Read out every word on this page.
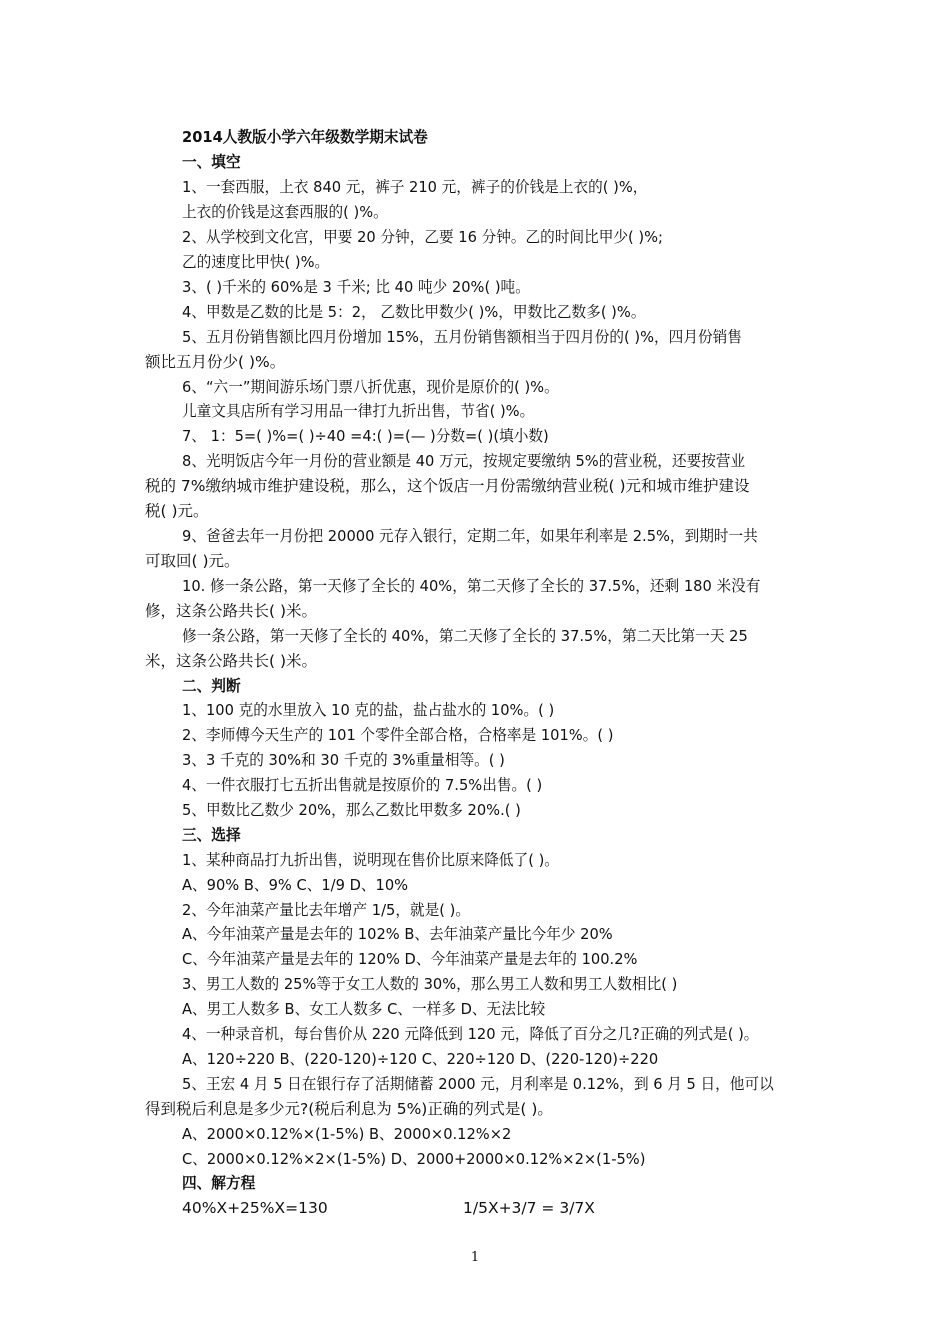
2014人教版小学六年级数学期末试卷
一、填空
1、一套西服，上衣 840 元，裤子 210 元，裤子的价钱是上衣的( )%，
上衣的价钱是这套西服的( )%。
2、从学校到文化宫，甲要 20 分钟，乙要 16 分钟。乙的时间比甲少( )%;
乙的速度比甲快( )%。
3、( )千米的 60%是 3 千米; 比 40 吨少 20%( )吨。
4、甲数是乙数的比是 5：2， 乙数比甲数少( )%，甲数比乙数多( )%。
5、五月份销售额比四月份增加 15%，五月份销售额相当于四月份的( )%，四月份销售
额比五月份少( )%。
6、“六一”期间游乐场门票八折优惠，现价是原价的( )%。
儿童文具店所有学习用品一律打九折出售，节省( )%。
7、 1：5=( )%=( )÷40 =4:( )=(— )分数=( )(填小数)
8、光明饭店今年一月份的营业额是 40 万元，按规定要缴纳 5%的营业税，还要按营业
税的 7%缴纳城市维护建设税，那么，这个饭店一月份需缴纳营业税( )元和城市维护建设
税( )元。
9、爸爸去年一月份把 20000 元存入银行，定期二年，如果年利率是 2.5%，到期时一共
可取回( )元。
10. 修一条公路，第一天修了全长的 40%，第二天修了全长的 37.5%，还剩 180 米没有
修，这条公路共长( )米。
修一条公路，第一天修了全长的 40%，第二天修了全长的 37.5%，第二天比第一天 25
米，这条公路共长( )米。
二、判断
1、100 克的水里放入 10 克的盐，盐占盐水的 10%。( )
2、李师傅今天生产的 101 个零件全部合格，合格率是 101%。( )
3、3 千克的 30%和 30 千克的 3%重量相等。( )
4、一件衣服打七五折出售就是按原价的 7.5%出售。( )
5、甲数比乙数少 20%，那么乙数比甲数多 20%.( )
三、选择
1、某种商品打九折出售，说明现在售价比原来降低了( )。
A、90% B、9% C、1/9 D、10%
2、今年油菜产量比去年增产 1/5，就是( )。
A、今年油菜产量是去年的 102% B、去年油菜产量比今年少 20%
C、今年油菜产量是去年的 120% D、今年油菜产量是去年的 100.2%
3、男工人数的 25%等于女工人数的 30%，那么男工人数和男工人数相比( )
A、男工人数多 B、女工人数多 C、一样多 D、无法比较
4、一种录音机，每台售价从 220 元降低到 120 元，降低了百分之几?正确的列式是( )。
A、120÷220 B、(220-120)÷120 C、220÷120 D、(220-120)÷220
5、王宏 4 月 5 日在银行存了活期储蓄 2000 元，月利率是 0.12%，到 6 月 5 日，他可以
得到税后利息是多少元?(税后利息为 5%)正确的列式是( )。
A、2000×0.12%×(1-5%) B、2000×0.12%×2
C、2000×0.12%×2×(1-5%) D、2000+2000×0.12%×2×(1-5%)
四、解方程
40%X+25%X=130	1/5X+3/7 = 3/7X
1
